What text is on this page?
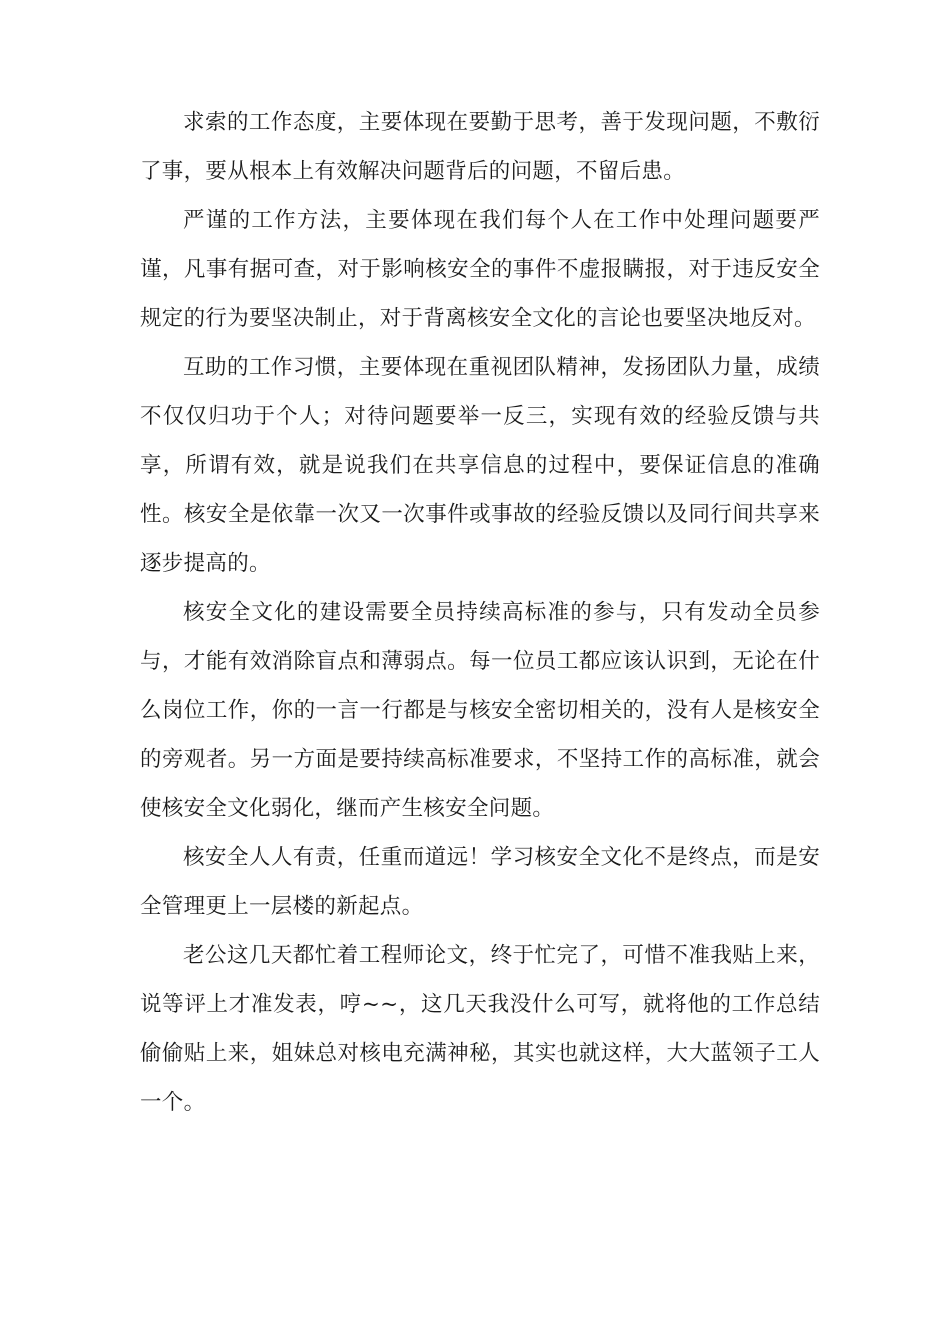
求索的工作态度，主要体现在要勤于思考，善于发现问题，不敷衍了事，要从根本上有效解决问题背后的问题，不留后患。

严谨的工作方法，主要体现在我们每个人在工作中处理问题要严谨，凡事有据可查，对于影响核安全的事件不虚报瞒报，对于违反安全规定的行为要坚决制止，对于背离核安全文化的言论也要坚决地反对。

互助的工作习惯，主要体现在重视团队精神，发扬团队力量，成绩不仅仅归功于个人；对待问题要举一反三，实现有效的经验反馈与共享，所谓有效，就是说我们在共享信息的过程中，要保证信息的准确性。核安全是依靠一次又一次事件或事故的经验反馈以及同行间共享来逐步提高的。

核安全文化的建设需要全员持续高标准的参与，只有发动全员参与，才能有效消除盲点和薄弱点。每一位员工都应该认识到，无论在什么岗位工作，你的一言一行都是与核安全密切相关的，没有人是核安全的旁观者。另一方面是要持续高标准要求，不坚持工作的高标准，就会使核安全文化弱化，继而产生核安全问题。

核安全人人有责，任重而道远！学习核安全文化不是终点，而是安全管理更上一层楼的新起点。

老公这几天都忙着工程师论文，终于忙完了，可惜不准我贴上来，说等评上才准发表，哼~~，这几天我没什么可写，就将他的工作总结偷偷贴上来，姐妹总对核电充满神秘，其实也就这样，大大蓝领子工人一个。
